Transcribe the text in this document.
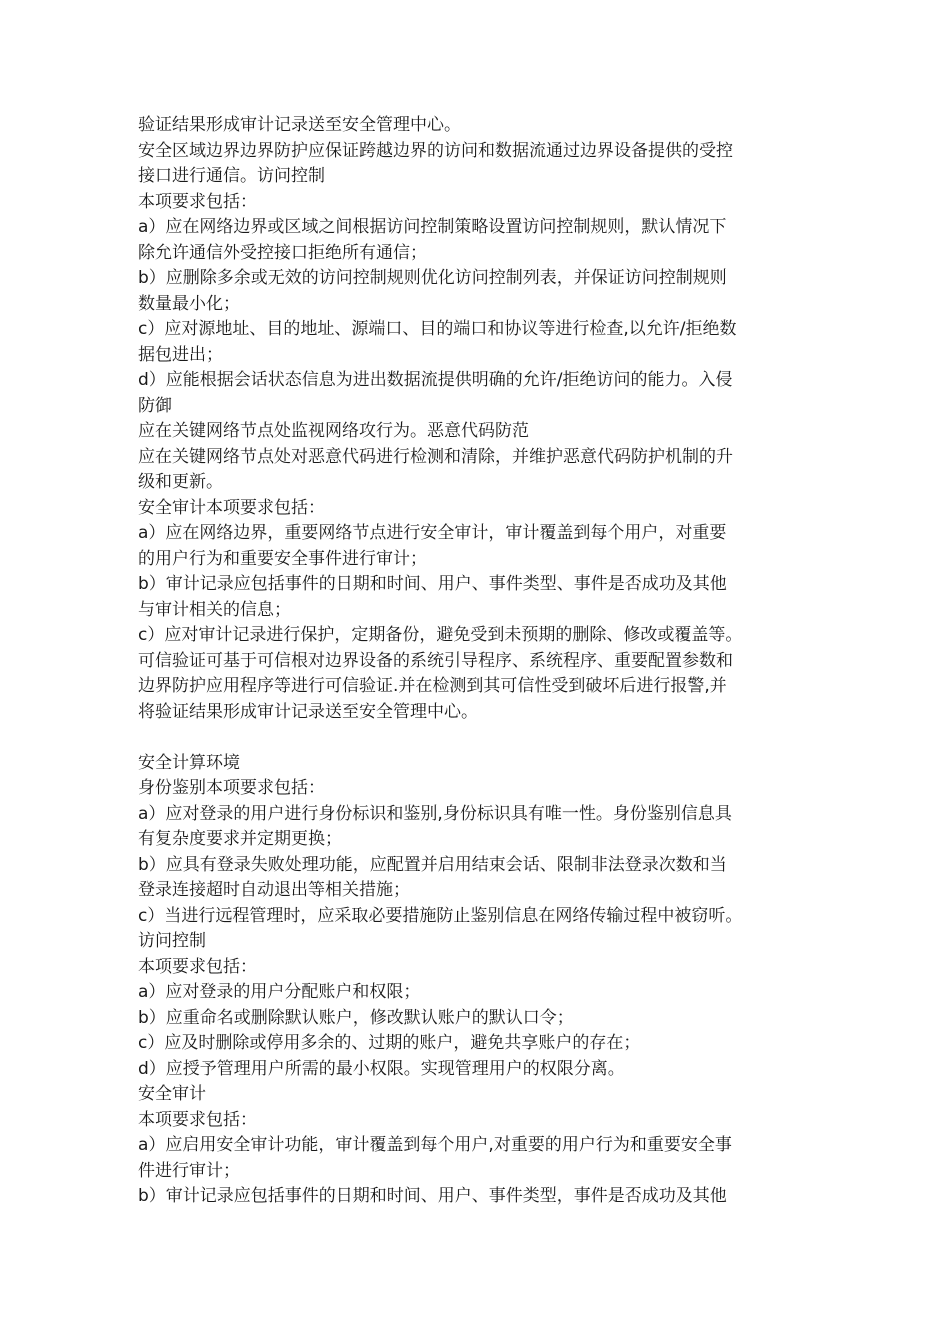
验证结果形成审计记录送至安全管理中心。
安全区域边界边界防护应保证跨越边界的访问和数据流通过边界设备提供的受控
接口进行通信。访问控制
本项要求包括：
a）应在网络边界或区域之间根据访问控制策略设置访问控制规则，默认情况下
除允许通信外受控接口拒绝所有通信；
b）应删除多余或无效的访问控制规则优化访问控制列表，并保证访问控制规则
数量最小化；
c）应对源地址、目的地址、源端口、目的端口和协议等进行检查,以允许/拒绝数
据包进出；
d）应能根据会话状态信息为进出数据流提供明确的允许/拒绝访问的能力。入侵
防御
应在关键网络节点处监视网络攻行为。恶意代码防范
应在关键网络节点处对恶意代码进行检测和清除，并维护恶意代码防护机制的升
级和更新。
安全审计本项要求包括：
a）应在网络边界，重要网络节点进行安全审计，审计覆盖到每个用户，对重要
的用户行为和重要安全事件进行审计；
b）审计记录应包括事件的日期和时间、用户、事件类型、事件是否成功及其他
与审计相关的信息；
c）应对审计记录进行保护，定期备份，避免受到未预期的删除、修改或覆盖等。
可信验证可基于可信根对边界设备的系统引导程序、系统程序、重要配置参数和
边界防护应用程序等进行可信验证.并在检测到其可信性受到破坏后进行报警,并
将验证结果形成审计记录送至安全管理中心。
安全计算环境
身份鉴别本项要求包括：
a）应对登录的用户进行身份标识和鉴别,身份标识具有唯一性。身份鉴别信息具
有复杂度要求并定期更换；
b）应具有登录失败处理功能，应配置并启用结束会话、限制非法登录次数和当
登录连接超时自动退出等相关措施；
c）当进行远程管理时，应采取必要措施防止鉴别信息在网络传输过程中被窃听。
访问控制
本项要求包括：
a）应对登录的用户分配账户和权限；
b）应重命名或删除默认账户，修改默认账户的默认口令；
c）应及时删除或停用多余的、过期的账户，避免共享账户的存在；
d）应授予管理用户所需的最小权限。实现管理用户的权限分离。
安全审计
本项要求包括：
a）应启用安全审计功能，审计覆盖到每个用户,对重要的用户行为和重要安全事
件进行审计；
b）审计记录应包括事件的日期和时间、用户、事件类型，事件是否成功及其他
